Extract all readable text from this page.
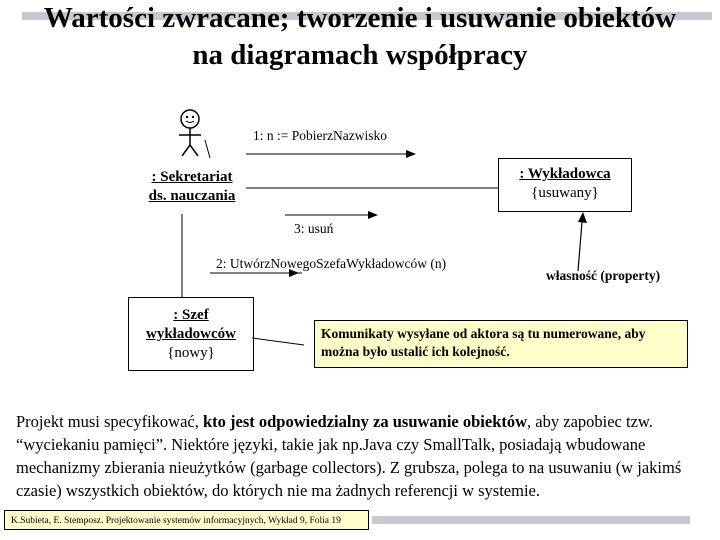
Wartości zwracane; tworzenie i usuwanie obiektów
na diagramach współpracy
1: n := PobierzNazwisko
3: usuń
2: UtwórzNowegoSzefaWykładowców (n)
: Sekretariat
ds. nauczania
: Wykładowca
{usuwany}
: Szef
wykładowców
{nowy}
własność (property)
Komunikaty wysyłane od aktora są tu numerowane, aby można było ustalić ich kolejność.
Projekt musi specyfikować, kto jest odpowiedzialny za usuwanie obiektów, aby zapobiec tzw. “wyciekaniu pamięci”. Niektóre języki, takie jak np.Java czy SmallTalk, posiadają wbudowane mechanizmy zbierania nieużytków (garbage collectors). Z grubsza, polega to na usuwaniu (w jakimś czasie) wszystkich obiektów, do których nie ma żadnych referencji w systemie.
K.Subieta, E. Stemposz. Projektowanie systemów informacyjnych, Wykład 9, Folia 19
